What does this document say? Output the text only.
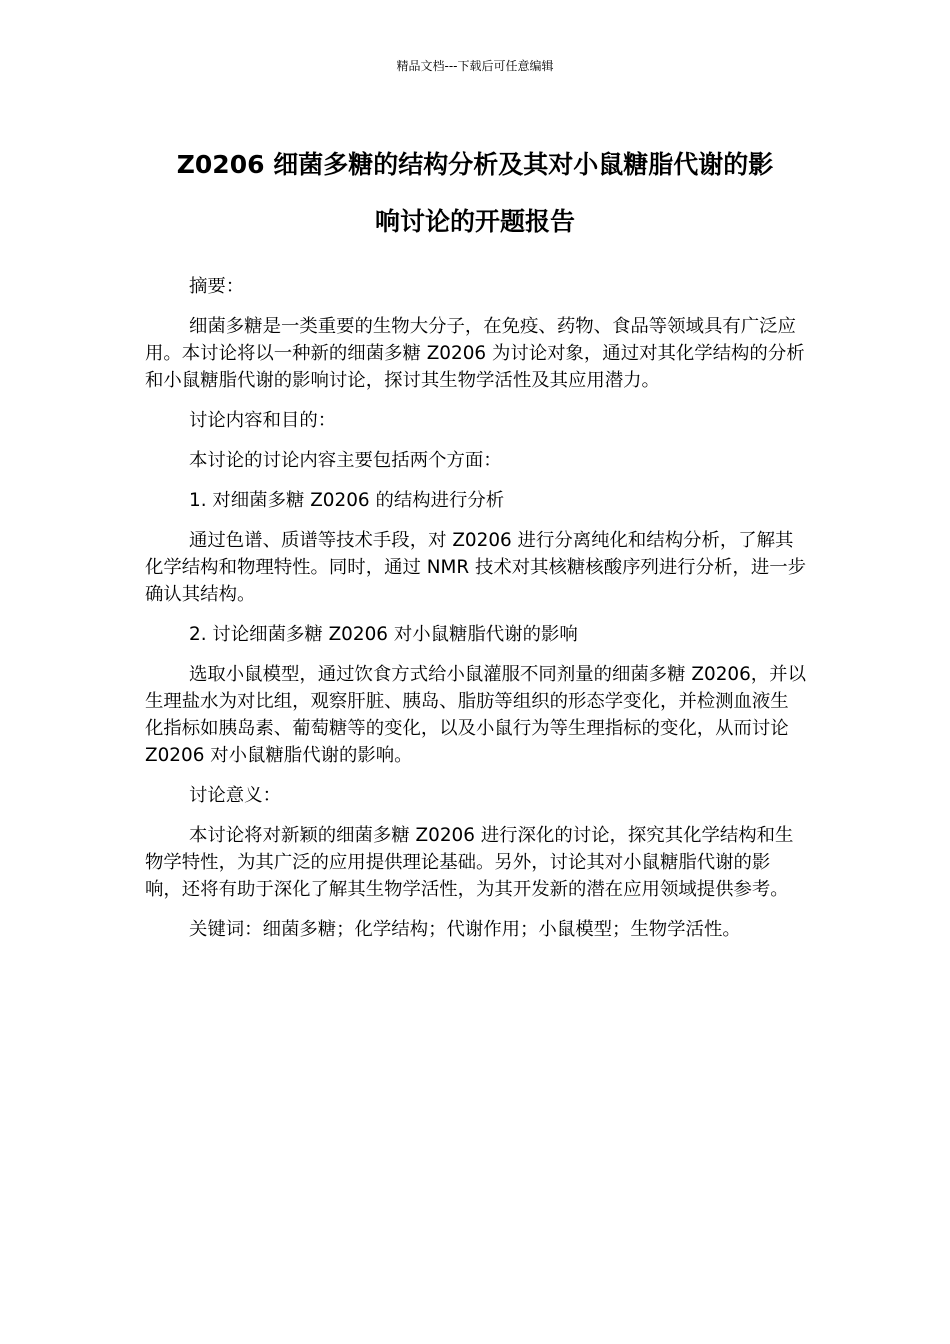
精品文档---下载后可任意编辑
Z0206 细菌多糖的结构分析及其对小鼠糖脂代谢的影
响讨论的开题报告

摘要：

细菌多糖是一类重要的生物大分子，在免疫、药物、食品等领域具有广泛应用。本讨论将以一种新的细菌多糖 Z0206 为讨论对象，通过对其化学结构的分析和小鼠糖脂代谢的影响讨论，探讨其生物学活性及其应用潜力。

讨论内容和目的：

本讨论的讨论内容主要包括两个方面：

1. 对细菌多糖 Z0206 的结构进行分析

通过色谱、质谱等技术手段，对 Z0206 进行分离纯化和结构分析，了解其化学结构和物理特性。同时，通过 NMR 技术对其核糖核酸序列进行分析，进一步确认其结构。

2. 讨论细菌多糖 Z0206 对小鼠糖脂代谢的影响

选取小鼠模型，通过饮食方式给小鼠灌服不同剂量的细菌多糖 Z0206，并以生理盐水为对比组，观察肝脏、胰岛、脂肪等组织的形态学变化，并检测血液生化指标如胰岛素、葡萄糖等的变化，以及小鼠行为等生理指标的变化，从而讨论 Z0206 对小鼠糖脂代谢的影响。

讨论意义：

本讨论将对新颖的细菌多糖 Z0206 进行深化的讨论，探究其化学结构和生物学特性，为其广泛的应用提供理论基础。另外，讨论其对小鼠糖脂代谢的影响，还将有助于深化了解其生物学活性，为其开发新的潜在应用领域提供参考。

关键词：细菌多糖；化学结构；代谢作用；小鼠模型；生物学活性。
